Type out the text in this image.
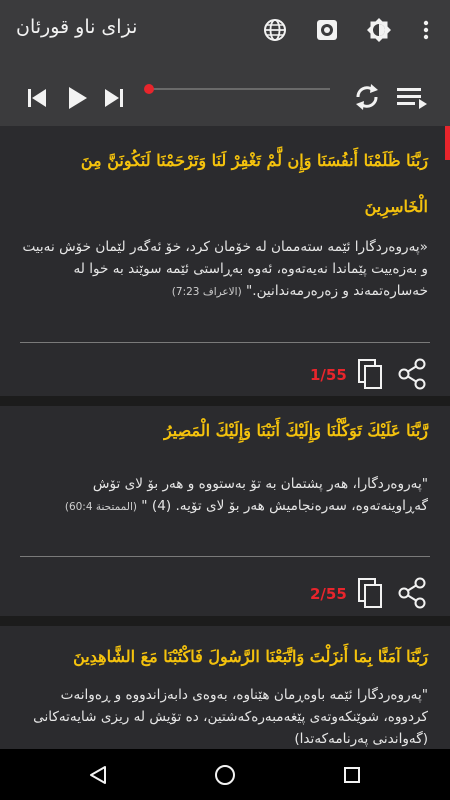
نزای ناو قورئان
رَبَّنَا ظَلَمْنَا أَنفُسَنَا وَإِن لَّمْ تَغْفِرْ لَنَا وَتَرْحَمْنَا لَنَكُونَنَّ مِنَ الْخَاسِرِينَ
«پەروەردگارا ئێمە ستەممان لە خۆمان کرد، خۆ ئەگەر لێمان خۆش نەبیت و بەزەییت پێماندا نەیەتەوە، ئەوە بەڕاستی ئێمە سوێند بە خوا لە خەسارەتمەند و زەرەرمەندانین." (الاعراف 7:23)
1/55
رَّبَّنَا عَلَيْكَ تَوَكَّلْنَا وَإِلَيْكَ أَنَبْنَا وَإِلَيْكَ الْمَصِيرُ
"پەروەردگارا، هەر پشتمان بە تۆ بەستووە و هەر بۆ لای تۆش گەڕاوینەتەوە، سەرەنجامیش هەر بۆ لای تۆیە. (4) " (الممتحنة 60:4)
2/55
رَبَّنَا آمَنَّا بِمَا أَنزَلْتَ وَاتَّبَعْنَا الرَّسُولَ فَاكْتُبْنَا مَعَ الشَّاهِدِينَ
"پەروەردگارا ئێمە باوەڕمان هێناوە، بەوەی دابەزاندووە و ڕەوانەت کردووە، شوێنکەوتەی پێغەمبەرەکەشتین، دە تۆیش لە ریزی شایەتەکانی (گەواندنی پەرنامەکەتدا)
